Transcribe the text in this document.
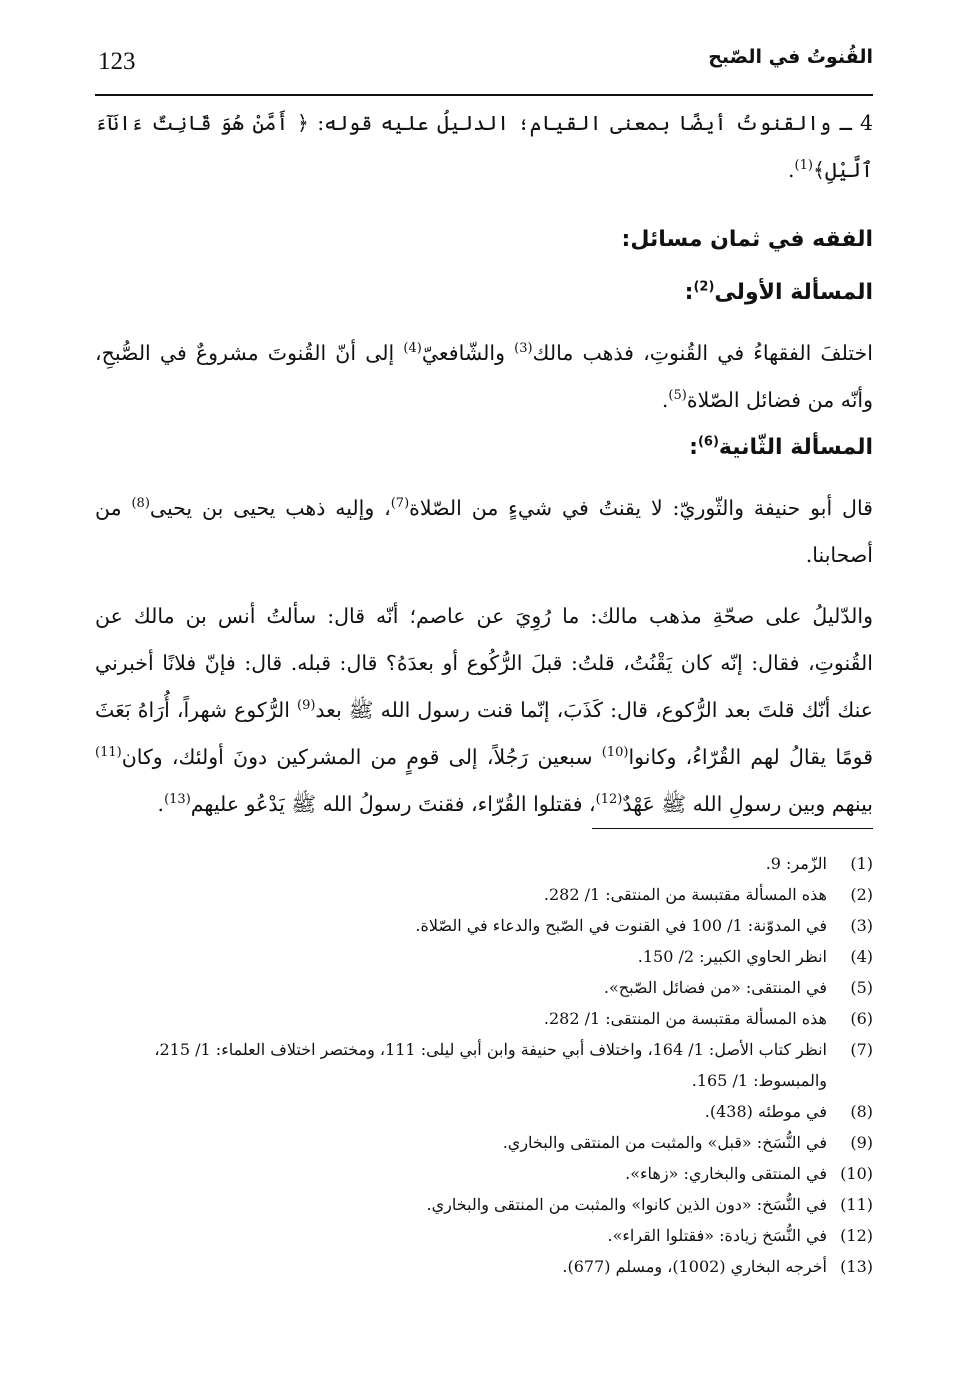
123	القُنوتُ في الصّبح

4 ـ والقنوتُ أيضًا بمعنى القيام؛ الدليلُ عليه قوله: ﴿ أَمَّنْ هُوَ قَانِتٌ ءَانَآءَ ٱلَّيْلِ﴾$^{(1)}$.

الفقه في ثمان مسائل:
المسألة الأولى$^{(2)}$:

اختلفَ الفقهاءُ في القُنوتِ، فذهب مالك$^{(3)}$ والشّافعيّ$^{(4)}$ إلى أنّ القُنوتَ مشروعٌ في الصُّبحِ، وأنّه من فضائل الصّلاة$^{(5)}$.

المسألة الثّانية$^{(6)}$:

قال أبو حنيفة والثّوريّ: لا يقنتُ في شيءٍ من الصّلاة$^{(7)}$، وإليه ذهب يحيى بن يحيى$^{(8)}$ من أصحابنا.

والدّليلُ على صحّةِ مذهب مالك: ما رُوِيَ عن عاصم؛ أنّه قال: سألتُ أنس بن مالك عن القُنوتِ، فقال: إنّه كان يَقْنُتُ، قلتُ: قبلَ الرُّكُوع أو بعدَهُ؟ قال: قبله. قال: فإنّ فلانًا أخبرني عنك أنّك قلتَ بعد الرُّكوع، قال: كَذَبَ، إنّما قنت رسول الله ﷺ بعد$^{(9)}$ الرُّكوع شهراً، أُرَاهُ بَعَثَ قومًا يقالُ لهم القُرّاءُ، وكانوا$^{(10)}$ سبعين رَجُلاً، إلى قومٍ من المشركين دونَ أولئك، وكان$^{(11)}$ بينهم وبين رسولِ الله ﷺ عَهْدٌ$^{(12)}$، فقتلوا القُرّاء، فقنتَ رسولُ الله ﷺ يَدْعُو عليهم$^{(13)}$.

(1)
الزّمر: 9.
(2)
هذه المسألة مقتبسة من المنتقى: 1/ 282.
(3)
في المدوّنة: 1/ 100 في القنوت في الصّبح والدعاء في الصّلاة.
(4)
انظر الحاوي الكبير: 2/ 150.
(5)
في المنتقى: «من فضائل الصّبح».
(6)
هذه المسألة مقتبسة من المنتقى: 1/ 282.
(7)
انظر كتاب الأصل: 1/ 164، واختلاف أبي حنيفة وابن أبي ليلى: 111، ومختصر اختلاف العلماء: 1/ 215، والمبسوط: 1/ 165.
(8)
في موطئه (438).
(9)
في النُّسَخ: «قبل» والمثبت من المنتقى والبخاري.
(10)
في المنتقى والبخاري: «زهاء».
(11)
في النُّسَخ: «دون الذين كانوا» والمثبت من المنتقى والبخاري.
(12)
في النُّسَخ زيادة: «فقتلوا القراء».
(13)
أخرجه البخاري (1002)، ومسلم (677).
